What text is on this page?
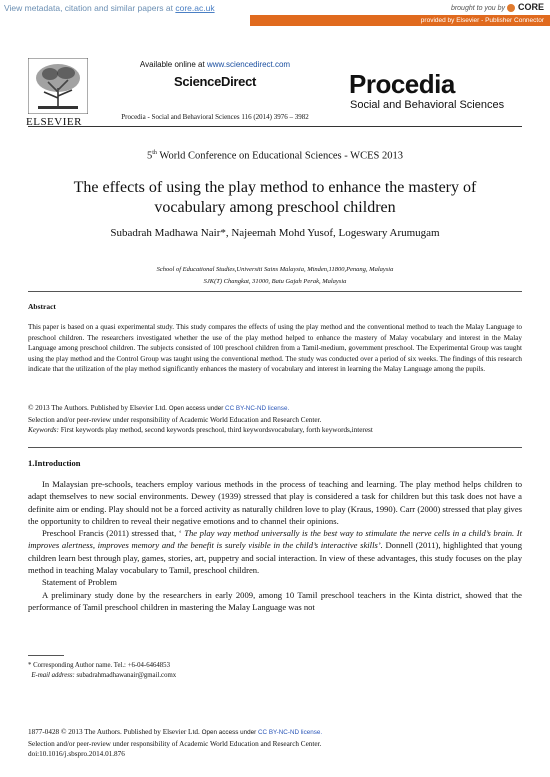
View metadata, citation and similar papers at core.ac.uk	brought to you by CORE
provided by Elsevier - Publisher Connector
ELSEVIER
Available online at www.sciencedirect.com
ScienceDirect
Procedia - Social and Behavioral Sciences 116 (2014) 3976 – 3982
Procedia
Social and Behavioral Sciences
5th World Conference on Educational Sciences - WCES 2013
The effects of using the play method to enhance the mastery of
vocabulary among preschool children
Subadrah Madhawa Nair*, Najeemah Mohd Yusof, Logeswary Arumugam
School of Educational Studies,Universiti Sains Malaysia, Minden,11800,Penang, Malaysia
SJK(T) Changkat, 31000, Batu Gajah Perak, Malaysia
Abstract
This paper is based on a quasi experimental study. This study compares the effects of using the play method and the conventional method to teach the Malay Language to preschool children. The researchers investigated whether the use of the play method helped to enhance the mastery of Malay vocabulary and interest in the Malay Language among preschool children. The subjects consisted of 100 preschool children from a Tamil-medium, government preschool. The Experimental Group was taught using the play method and the Control Group was taught using the conventional method. The study was conducted over a period of six weeks. The findings of this research indicate that the utilization of the play method significantly enhances the mastery of vocabulary and interest in learning the Malay Language among the pupils.
© 2013 The Authors. Published by Elsevier Ltd. Open access under CC BY-NC-ND license.
Selection and/or peer-review under responsibility of Academic World Education and Research Center.
Keywords: First keywords play method, second keywords preschool, third keywordsvocabulary, forth keywords,interest
1.Introduction

In Malaysian pre-schools, teachers employ various methods in the process of teaching and learning. The play method helps children to adapt themselves to new social environments. Dewey (1939) stressed that play is considered a task for children but this task does not have a definite aim or ending. Play should not be a forced activity as naturally children love to play (Kraus, 1990). Carr (2000) stressed that play gives the opportunity to children to reveal their negative emotions and to channel their opinions.

Preschool Francis (2011) stressed that, ‘ The play way method universally is the best way to stimulate the nerve cells in a child’s brain. It improves alertness, improves memory and the benefit is surely visible in the child’s interactive skills’. Donnell (2011), highlighted that young children learn best through play, games, stories, art, puppetry and social interaction. In view of these advantages, this study focuses on the play method in teaching Malay vocabulary to Tamil, preschool children.

Statement of Problem

A preliminary study done by the researchers in early 2009, among 10 Tamil preschool teachers in the Kinta district, showed that the performance of Tamil preschool children in mastering the Malay Language was not

* Corresponding Author name. Tel.: +6-04-6464853
E-mail address: subadrahmadhawanair@gmail.comx
1877-0428 © 2013 The Authors. Published by Elsevier Ltd. Open access under CC BY-NC-ND license.
Selection and/or peer-review under responsibility of Academic World Education and Research Center.
doi:10.1016/j.sbspro.2014.01.876
